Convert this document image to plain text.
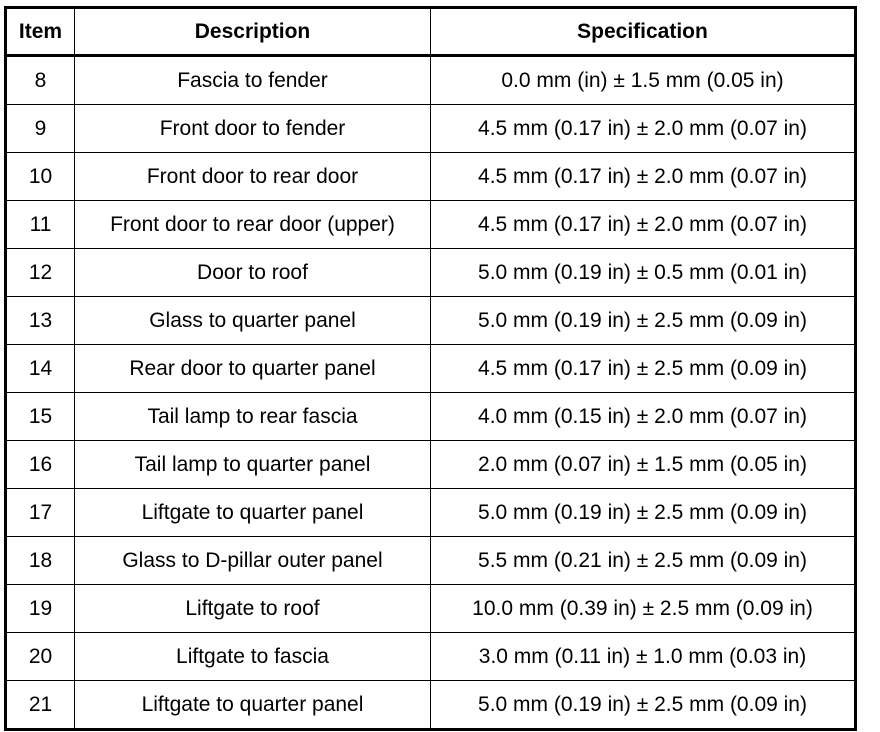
Item	Description	Specification
8	Fascia to fender	0.0 mm (in) ± 1.5 mm (0.05 in)
9	Front door to fender	4.5 mm (0.17 in) ± 2.0 mm (0.07 in)
10	Front door to rear door	4.5 mm (0.17 in) ± 2.0 mm (0.07 in)
11	Front door to rear door (upper)	4.5 mm (0.17 in) ± 2.0 mm (0.07 in)
12	Door to roof	5.0 mm (0.19 in) ± 0.5 mm (0.01 in)
13	Glass to quarter panel	5.0 mm (0.19 in) ± 2.5 mm (0.09 in)
14	Rear door to quarter panel	4.5 mm (0.17 in) ± 2.5 mm (0.09 in)
15	Tail lamp to rear fascia	4.0 mm (0.15 in) ± 2.0 mm (0.07 in)
16	Tail lamp to quarter panel	2.0 mm (0.07 in) ± 1.5 mm (0.05 in)
17	Liftgate to quarter panel	5.0 mm (0.19 in) ± 2.5 mm (0.09 in)
18	Glass to D-pillar outer panel	5.5 mm (0.21 in) ± 2.5 mm (0.09 in)
19	Liftgate to roof	10.0 mm (0.39 in) ± 2.5 mm (0.09 in)
20	Liftgate to fascia	3.0 mm (0.11 in) ± 1.0 mm (0.03 in)
21	Liftgate to quarter panel	5.0 mm (0.19 in) ± 2.5 mm (0.09 in)
